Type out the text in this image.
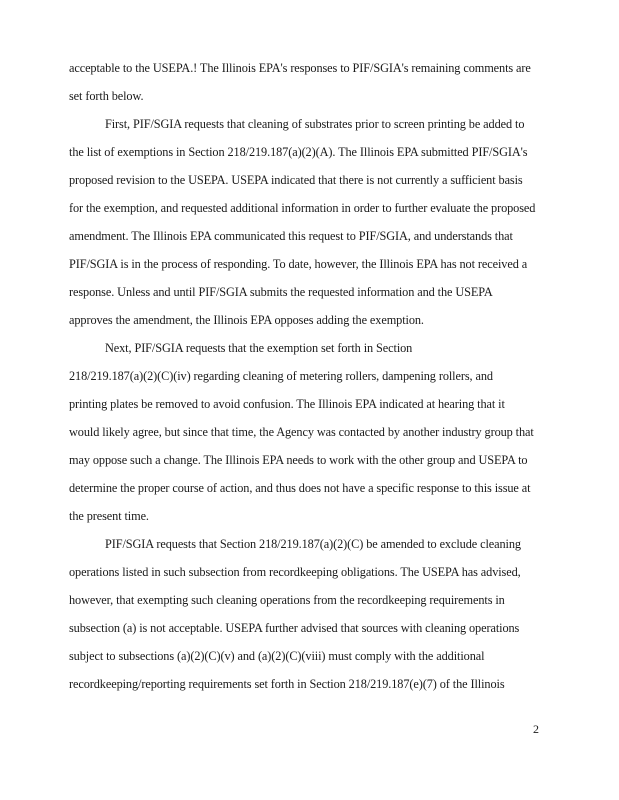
acceptable to the USEPA.! The Illinois EPA's responses to PIF/SGIA's remaining comments are
set forth below.
First, PIF/SGIA requests that cleaning of substrates prior to screen printing be added to
the list of exemptions in Section 218/219.187(a)(2)(A). The Illinois EPA submitted PIF/SGIA's
proposed revision to the USEPA. USEPA indicated that there is not currently a sufficient basis
for the exemption, and requested additional information in order to further evaluate the proposed
amendment. The Illinois EPA communicated this request to PIF/SGIA, and understands that
PIF/SGIA is in the process of responding. To date, however, the Illinois EPA has not received a
response. Unless and until PIF/SGIA submits the requested information and the USEPA
approves the amendment, the Illinois EPA opposes adding the exemption.
Next, PIF/SGIA requests that the exemption set forth in Section
218/219.187(a)(2)(C)(iv) regarding cleaning of metering rollers, dampening rollers, and
printing plates be removed to avoid confusion. The Illinois EPA indicated at hearing that it
would likely agree, but since that time, the Agency was contacted by another industry group that
may oppose such a change. The Illinois EPA needs to work with the other group and USEPA to
determine the proper course of action, and thus does not have a specific response to this issue at
the present time.
PIF/SGIA requests that Section 218/219.187(a)(2)(C) be amended to exclude cleaning
operations listed in such subsection from recordkeeping obligations. The USEPA has advised,
however, that exempting such cleaning operations from the recordkeeping requirements in
subsection (a) is not acceptable. USEPA further advised that sources with cleaning operations
subject to subsections (a)(2)(C)(v) and (a)(2)(C)(viii) must comply with the additional
recordkeeping/reporting requirements set forth in Section 218/219.187(e)(7) of the Illinois
2
